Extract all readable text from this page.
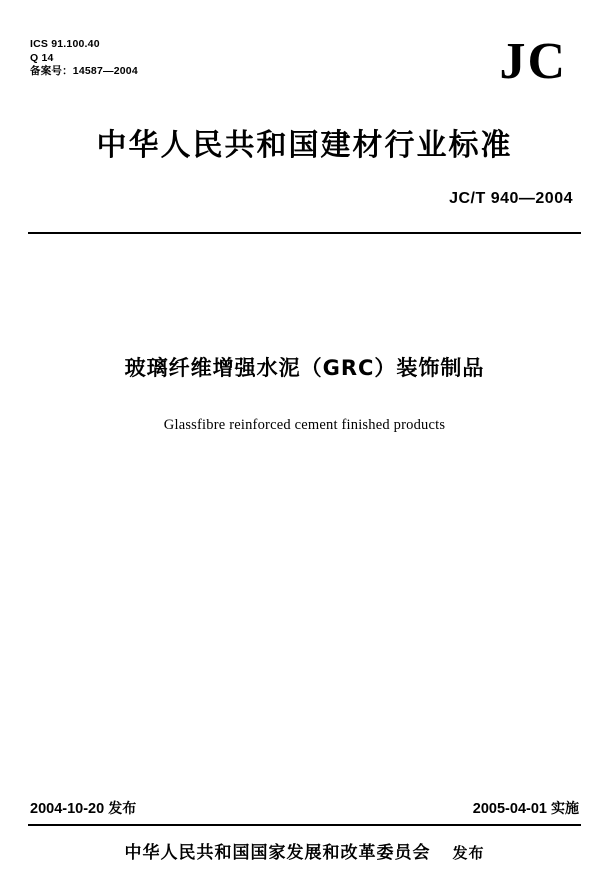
ICS 91.100.40
Q 14
备案号：14587—2004	JC
中华人民共和国建材行业标准
JC/T 940—2004
玻璃纤维增强水泥（GRC）装饰制品
Glassfibre reinforced cement finished products
2004-10-20 发布	2005-04-01 实施
中华人民共和国国家发展和改革委员会 发布
